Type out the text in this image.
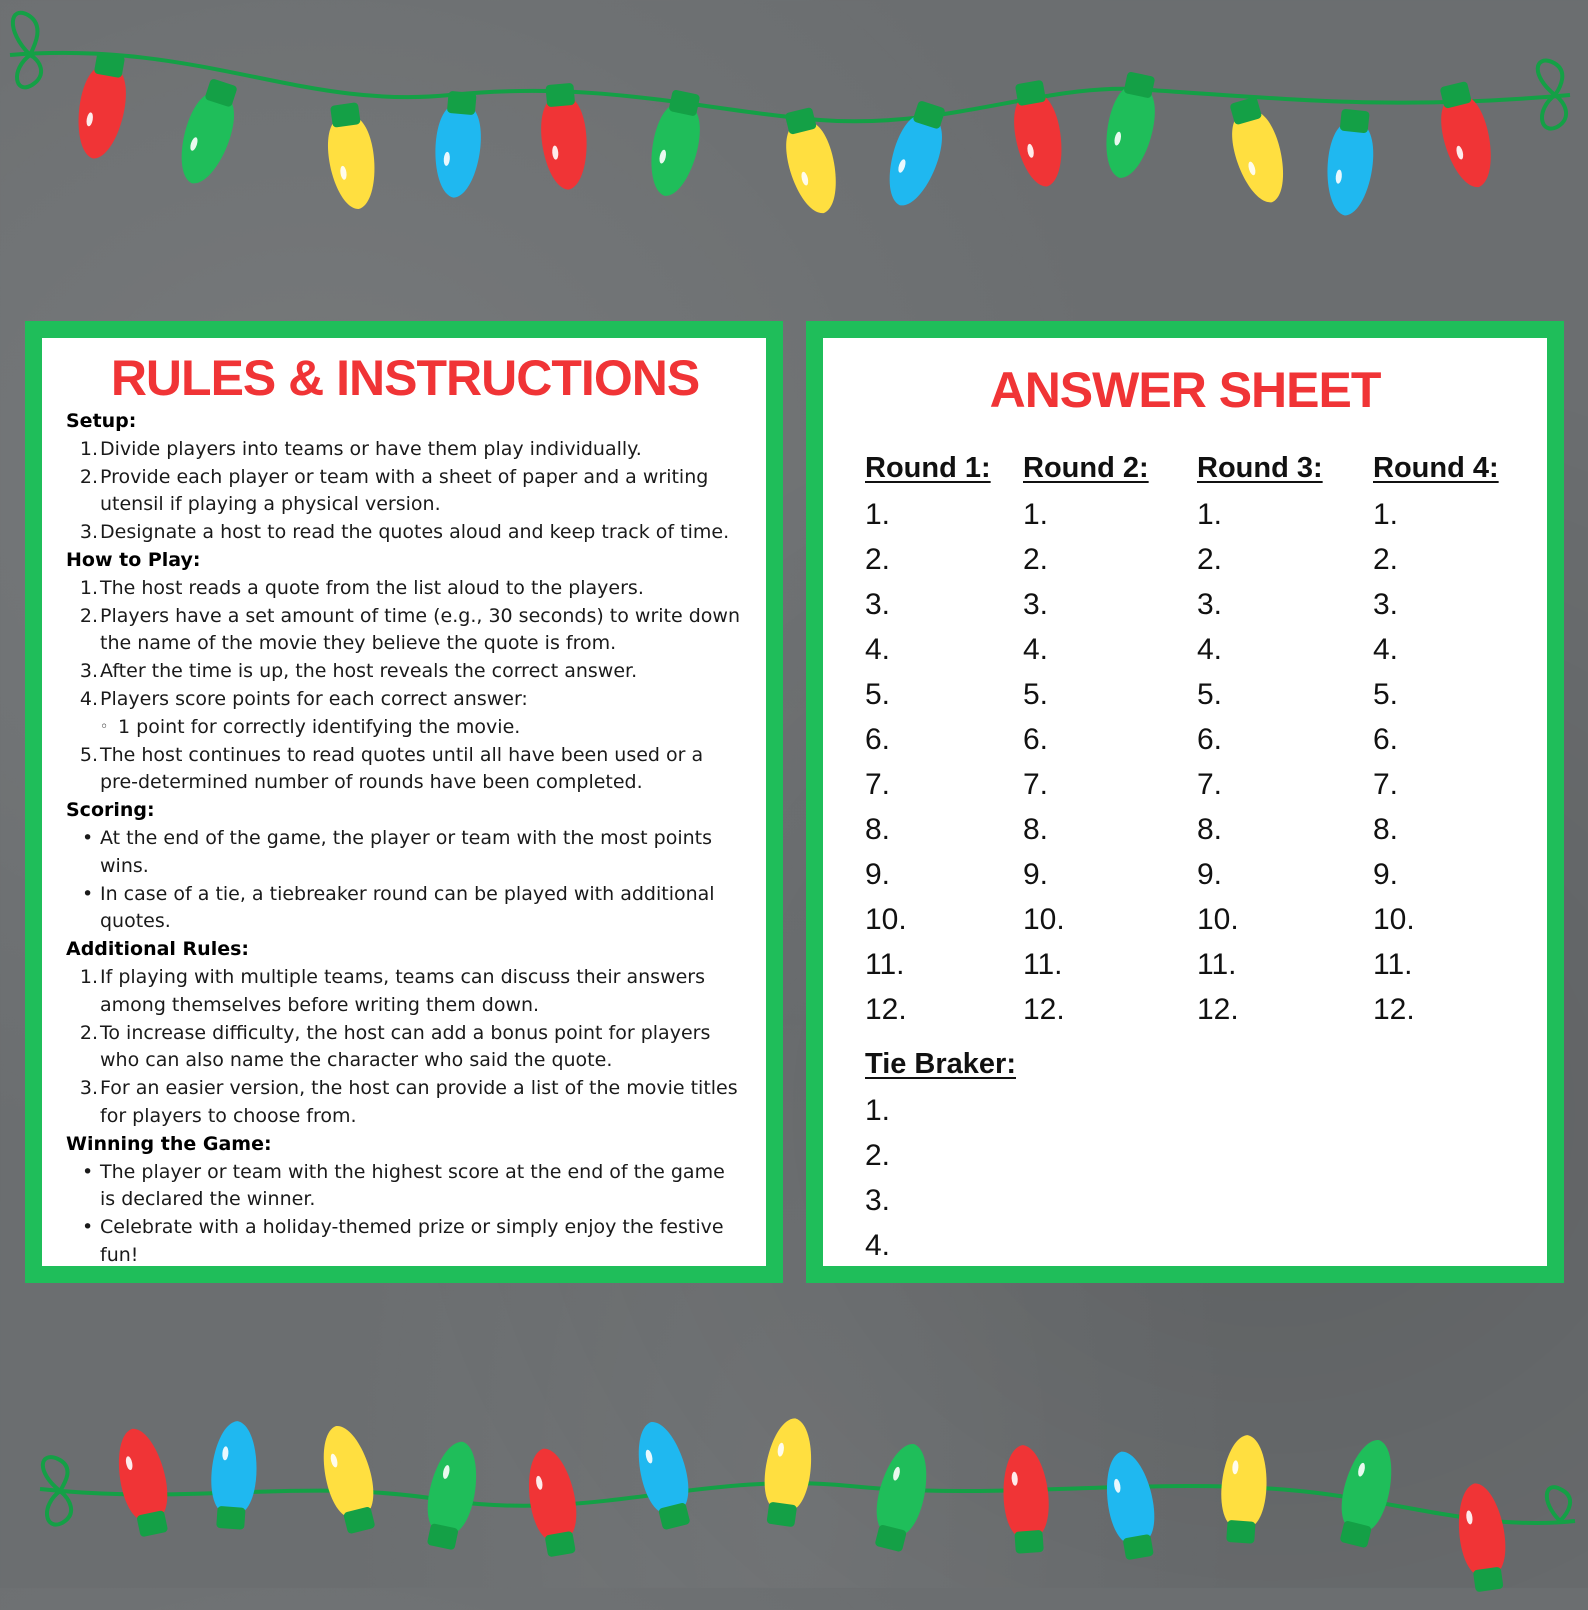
RULES & INSTRUCTIONS

Setup:

1. Divide players into teams or have them play individually.
2. Provide each player or team with a sheet of paper and a writing utensil if playing a physical version.
3. Designate a host to read the quotes aloud and keep track of time.

How to Play:

1. The host reads a quote from the list aloud to the players.
2. Players have a set amount of time (e.g., 30 seconds) to write down the name of the movie they believe the quote is from.
3. After the time is up, the host reveals the correct answer.
4. Players score points for each correct answer:
◦ 1 point for correctly identifying the movie.
5. The host continues to read quotes until all have been used or a pre-determined number of rounds have been completed.

Scoring:

• At the end of the game, the player or team with the most points wins.
• In case of a tie, a tiebreaker round can be played with additional quotes.

Additional Rules:

1. If playing with multiple teams, teams can discuss their answers among themselves before writing them down.
2. To increase difficulty, the host can add a bonus point for players who can also name the character who said the quote.
3. For an easier version, the host can provide a list of the movie titles for players to choose from.

Winning the Game:

• The player or team with the highest score at the end of the game is declared the winner.
• Celebrate with a holiday-themed prize or simply enjoy the festive fun!
ANSWER SHEET

Round 1:

1.
2.
3.
4.
5.
6.
7.
8.
9.
10.
11.
12.

Round 2:

1.
2.
3.
4.
5.
6.
7.
8.
9.
10.
11.
12.

Round 3:

1.
2.
3.
4.
5.
6.
7.
8.
9.
10.
11.
12.

Round 4:

1.
2.
3.
4.
5.
6.
7.
8.
9.
10.
11.
12.

Tie Braker:

1.
2.
3.
4.
